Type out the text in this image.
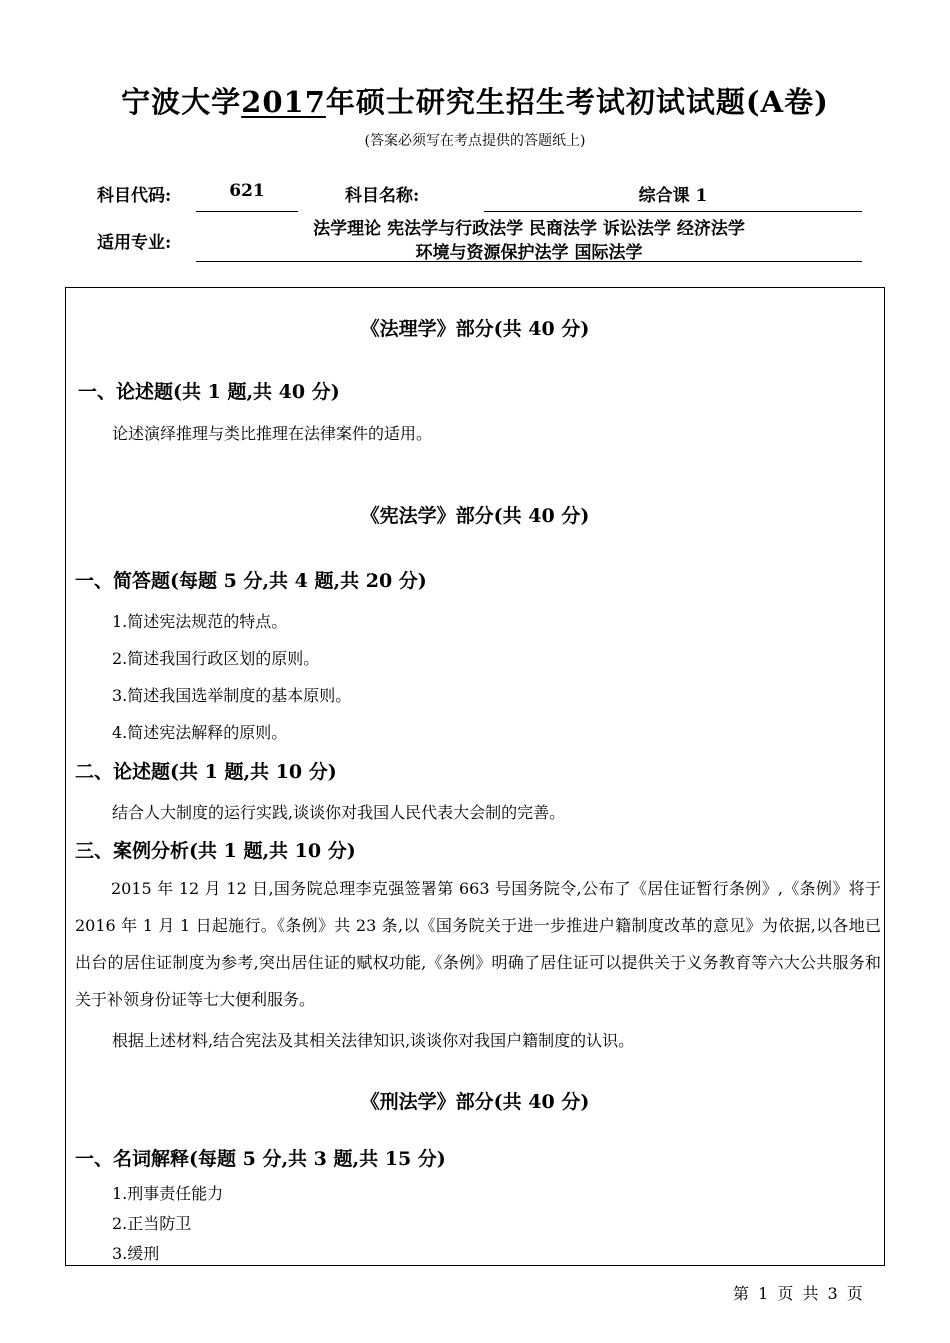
宁波大学2017年硕士研究生招生考试初试试题(A卷)
(答案必须写在考点提供的答题纸上)
科目代码:	621	科目名称:	综合课 1
适用专业:
法学理论 宪法学与行政法学 民商法学 诉讼法学 经济法学
环境与资源保护法学 国际法学
《法理学》部分(共 40 分)
一、论述题(共 1 题,共 40 分)
论述演绎推理与类比推理在法律案件的适用。
《宪法学》部分(共 40 分)
一、简答题(每题 5 分,共 4 题,共 20 分)
1.简述宪法规范的特点。
2.简述我国行政区划的原则。
3.简述我国选举制度的基本原则。
4.简述宪法解释的原则。
二、论述题(共 1 题,共 10 分)
结合人大制度的运行实践,谈谈你对我国人民代表大会制的完善。
三、案例分析(共 1 题,共 10 分)
2015 年 12 月 12 日,国务院总理李克强签署第 663 号国务院令,公布了《居住证暂行条例》,《条例》将于 2016 年 1 月 1 日起施行。《条例》共 23 条,以《国务院关于进一步推进户籍制度改革的意见》为依据,以各地已出台的居住证制度为参考,突出居住证的赋权功能,《条例》明确了居住证可以提供关于义务教育等六大公共服务和关于补领身份证等七大便利服务。
根据上述材料,结合宪法及其相关法律知识,谈谈你对我国户籍制度的认识。
《刑法学》部分(共 40 分)
一、名词解释(每题 5 分,共 3 题,共 15 分)
1.刑事责任能力
2.正当防卫
3.缓刑
第 1 页 共 3 页
